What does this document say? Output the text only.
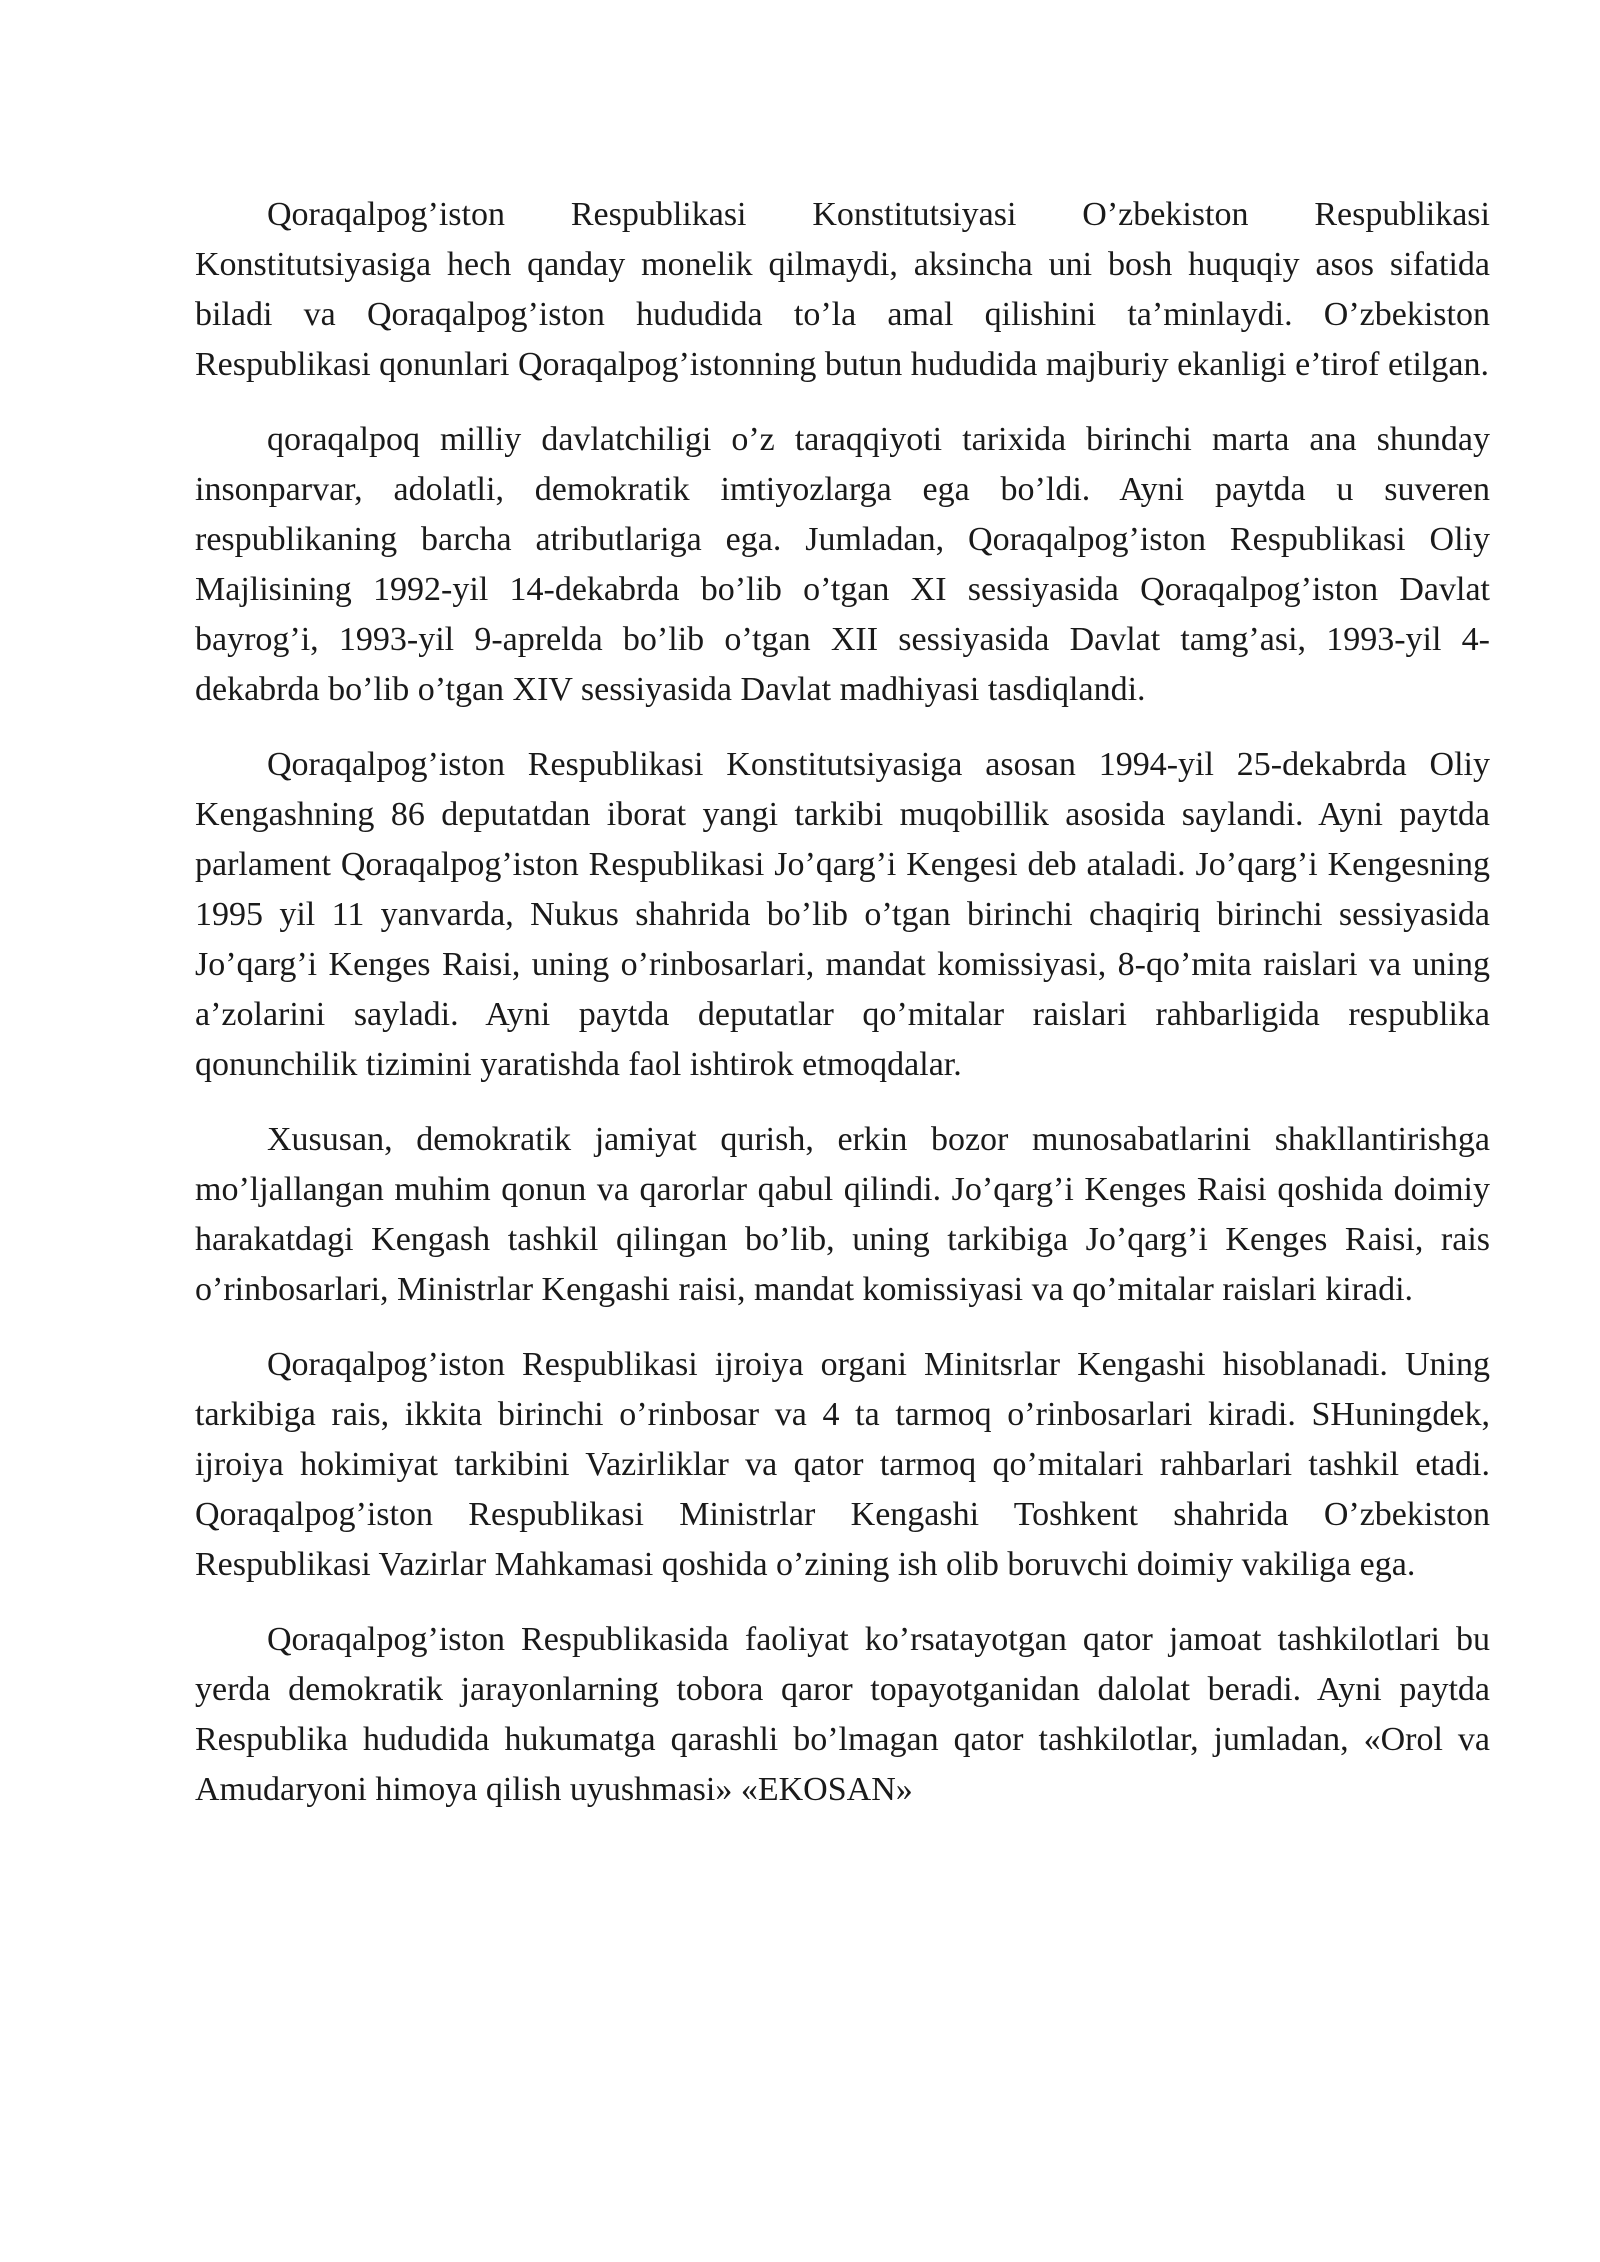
Qoraqalpog’iston Respublikasi Konstitutsiyasi O’zbekiston Respublikasi Konstitutsiyasiga hech qanday monelik qilmaydi, aksincha uni bosh huquqiy asos sifatida biladi va Qoraqalpog’iston hududida to’la amal qilishini ta’minlaydi. O’zbekiston Respublikasi qonunlari Qoraqalpog’istonning butun hududida majburiy ekanligi e’tirof etilgan.

qoraqalpoq milliy davlatchiligi o’z taraqqiyoti tarixida birinchi marta ana shunday insonparvar, adolatli, demokratik imtiyozlarga ega bo’ldi. Ayni paytda u suveren respublikaning barcha atributlariga ega. Jumladan, Qoraqalpog’iston Respublikasi Oliy Majlisining 1992-yil 14-dekabrda bo’lib o’tgan XI sessiyasida Qoraqalpog’iston Davlat bayrog’i, 1993-yil 9-aprelda bo’lib o’tgan XII sessiyasida Davlat tamg’asi, 1993-yil 4-dekabrda bo’lib o’tgan XIV sessiyasida Davlat madhiyasi tasdiqlandi.

Qoraqalpog’iston Respublikasi Konstitutsiyasiga asosan 1994-yil 25-dekabrda Oliy Kengashning 86 deputatdan iborat yangi tarkibi muqobillik asosida saylandi. Ayni paytda parlament Qoraqalpog’iston Respublikasi Jo’qarg’i Kengesi deb ataladi. Jo’qarg’i Kengesning 1995 yil 11 yanvarda, Nukus shahrida bo’lib o’tgan birinchi chaqiriq birinchi sessiyasida Jo’qarg’i Kenges Raisi, uning o’rinbosarlari, mandat komissiyasi, 8-qo’mita raislari va uning a’zolarini sayladi. Ayni paytda deputatlar qo’mitalar raislari rahbarligida respublika qonunchilik tizimini yaratishda faol ishtirok etmoqdalar.

Xususan, demokratik jamiyat qurish, erkin bozor munosabatlarini shakllantirishga mo’ljallangan muhim qonun va qarorlar qabul qilindi. Jo’qarg’i Kenges Raisi qoshida doimiy harakatdagi Kengash tashkil qilingan bo’lib, uning tarkibiga Jo’qarg’i Kenges Raisi, rais o’rinbosarlari, Ministrlar Kengashi raisi, mandat komissiyasi va qo’mitalar raislari kiradi.

Qoraqalpog’iston Respublikasi ijroiya organi Minitsrlar Kengashi hisoblanadi. Uning tarkibiga rais, ikkita birinchi o’rinbosar va 4 ta tarmoq o’rinbosarlari kiradi. SHuningdek, ijroiya hokimiyat tarkibini Vazirliklar va qator tarmoq qo’mitalari rahbarlari tashkil etadi. Qoraqalpog’iston Respublikasi Ministrlar Kengashi Toshkent shahrida O’zbekiston Respublikasi Vazirlar Mahkamasi qoshida o’zining ish olib boruvchi doimiy vakiliga ega.

Qoraqalpog’iston Respublikasida faoliyat ko’rsatayotgan qator jamoat tashkilotlari bu yerda demokratik jarayonlarning tobora qaror topayotganidan dalolat beradi. Ayni paytda Respublika hududida hukumatga qarashli bo’lmagan qator tashkilotlar, jumladan, «Orol va Amudaryoni himoya qilish uyushmasi» «EKOSAN»
